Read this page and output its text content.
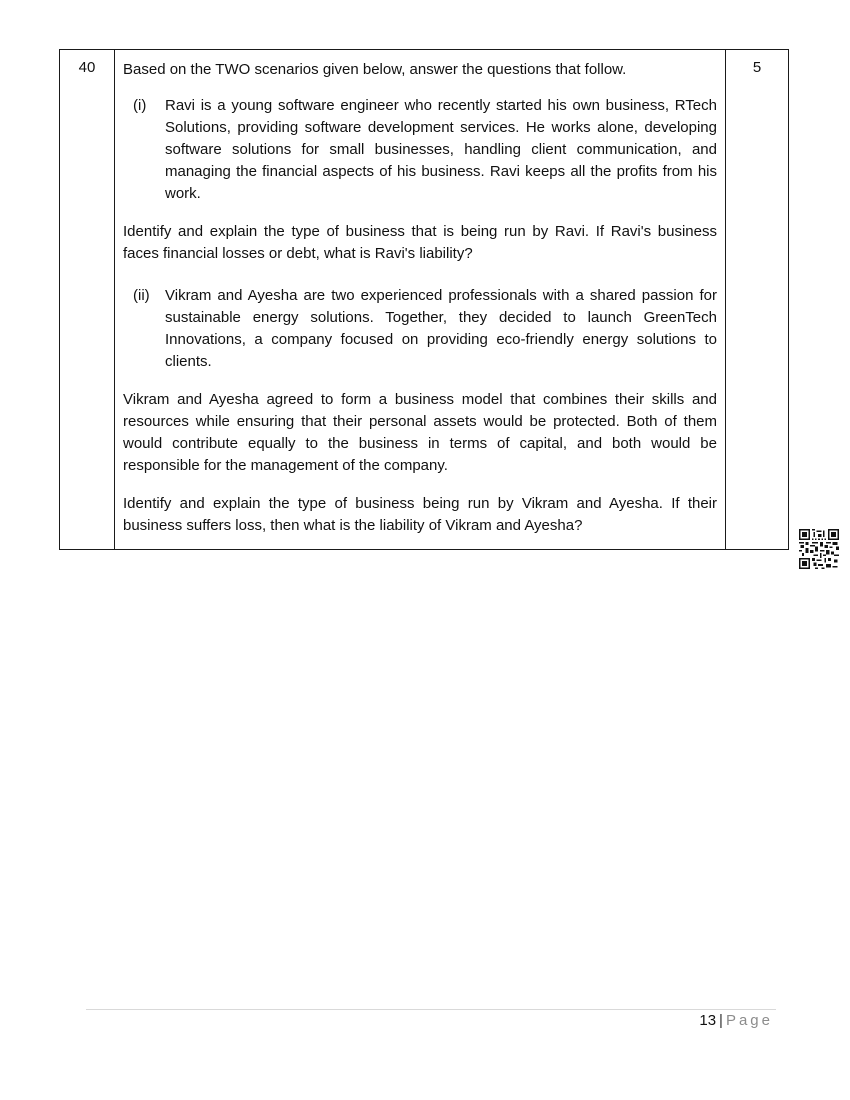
40	Based on the TWO scenarios given below, answer the questions that follow.

(i)	Ravi is a young software engineer who recently started his own business, RTech Solutions, providing software development services. He works alone, developing software solutions for small businesses, handling client communication, and managing the financial aspects of his business. Ravi keeps all the profits from his work.

Identify and explain the type of business that is being run by Ravi. If Ravi's business faces financial losses or debt, what is Ravi's liability?

(ii)	Vikram and Ayesha are two experienced professionals with a shared passion for sustainable energy solutions. Together, they decided to launch GreenTech Innovations, a company focused on providing eco-friendly energy solutions to clients.

Vikram and Ayesha agreed to form a business model that combines their skills and resources while ensuring that their personal assets would be protected. Both of them would contribute equally to the business in terms of capital, and both would be responsible for the management of the company.

Identify and explain the type of business being run by Vikram and Ayesha. If their business suffers loss, then what is the liability of Vikram and Ayesha?

	5
13 | Page
